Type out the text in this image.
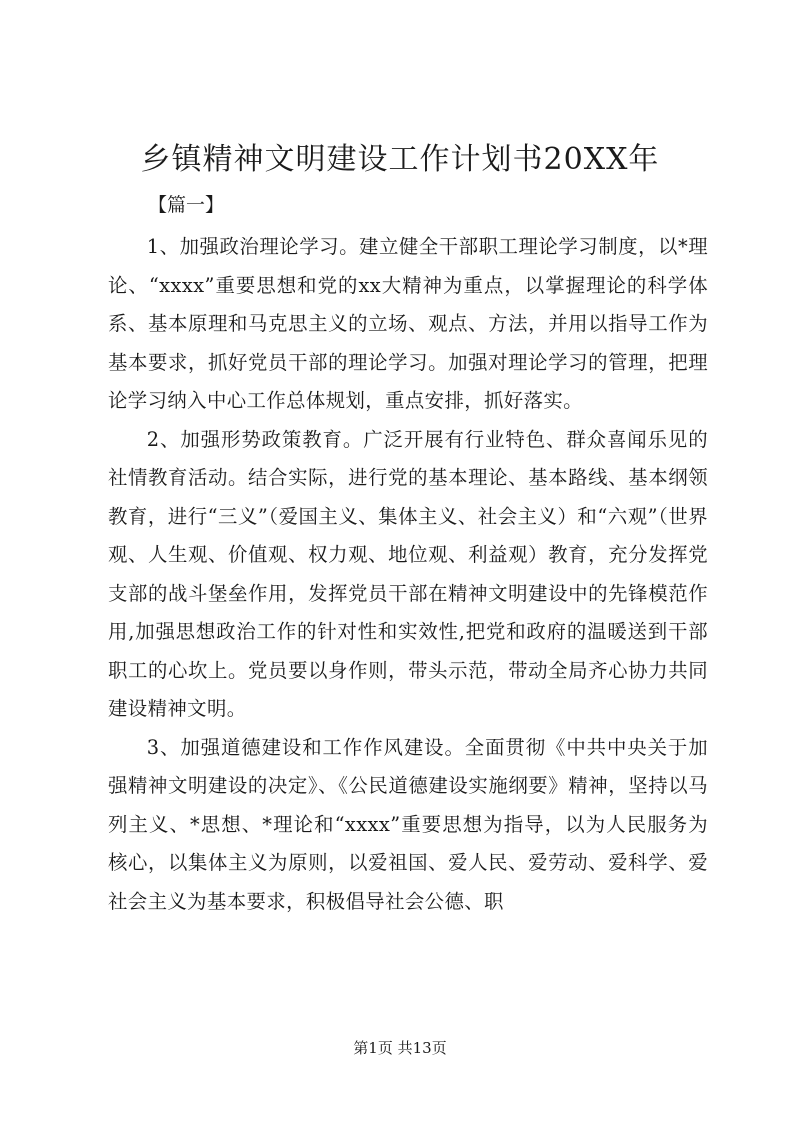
乡镇精神文明建设工作计划书20XX年

【篇一】

1、加强政治理论学习。建立健全干部职工理论学习制度，以*理论、“xxxx”重要思想和党的xx大精神为重点，以掌握理论的科学体系、基本原理和马克思主义的立场、观点、方法，并用以指导工作为基本要求，抓好党员干部的理论学习。加强对理论学习的管理，把理论学习纳入中心工作总体规划，重点安排，抓好落实。

2、加强形势政策教育。广泛开展有行业特色、群众喜闻乐见的社情教育活动。结合实际，进行党的基本理论、基本路线、基本纲领教育，进行“三义”（爱国主义、集体主义、社会主义）和“六观”（世界观、人生观、价值观、权力观、地位观、利益观）教育，充分发挥党支部的战斗堡垒作用，发挥党员干部在精神文明建设中的先锋模范作用,加强思想政治工作的针对性和实效性,把党和政府的温暖送到干部职工的心坎上。党员要以身作则，带头示范，带动全局齐心协力共同建设精神文明。

3、加强道德建设和工作作风建设。全面贯彻《中共中央关于加强精神文明建设的决定》、《公民道德建设实施纲要》精神，坚持以马列主义、*思想、*理论和“xxxx”重要思想为指导，以为人民服务为核心，以集体主义为原则，以爱祖国、爱人民、爱劳动、爱科学、爱社会主义为基本要求，积极倡导社会公德、职

第1页 共13页
